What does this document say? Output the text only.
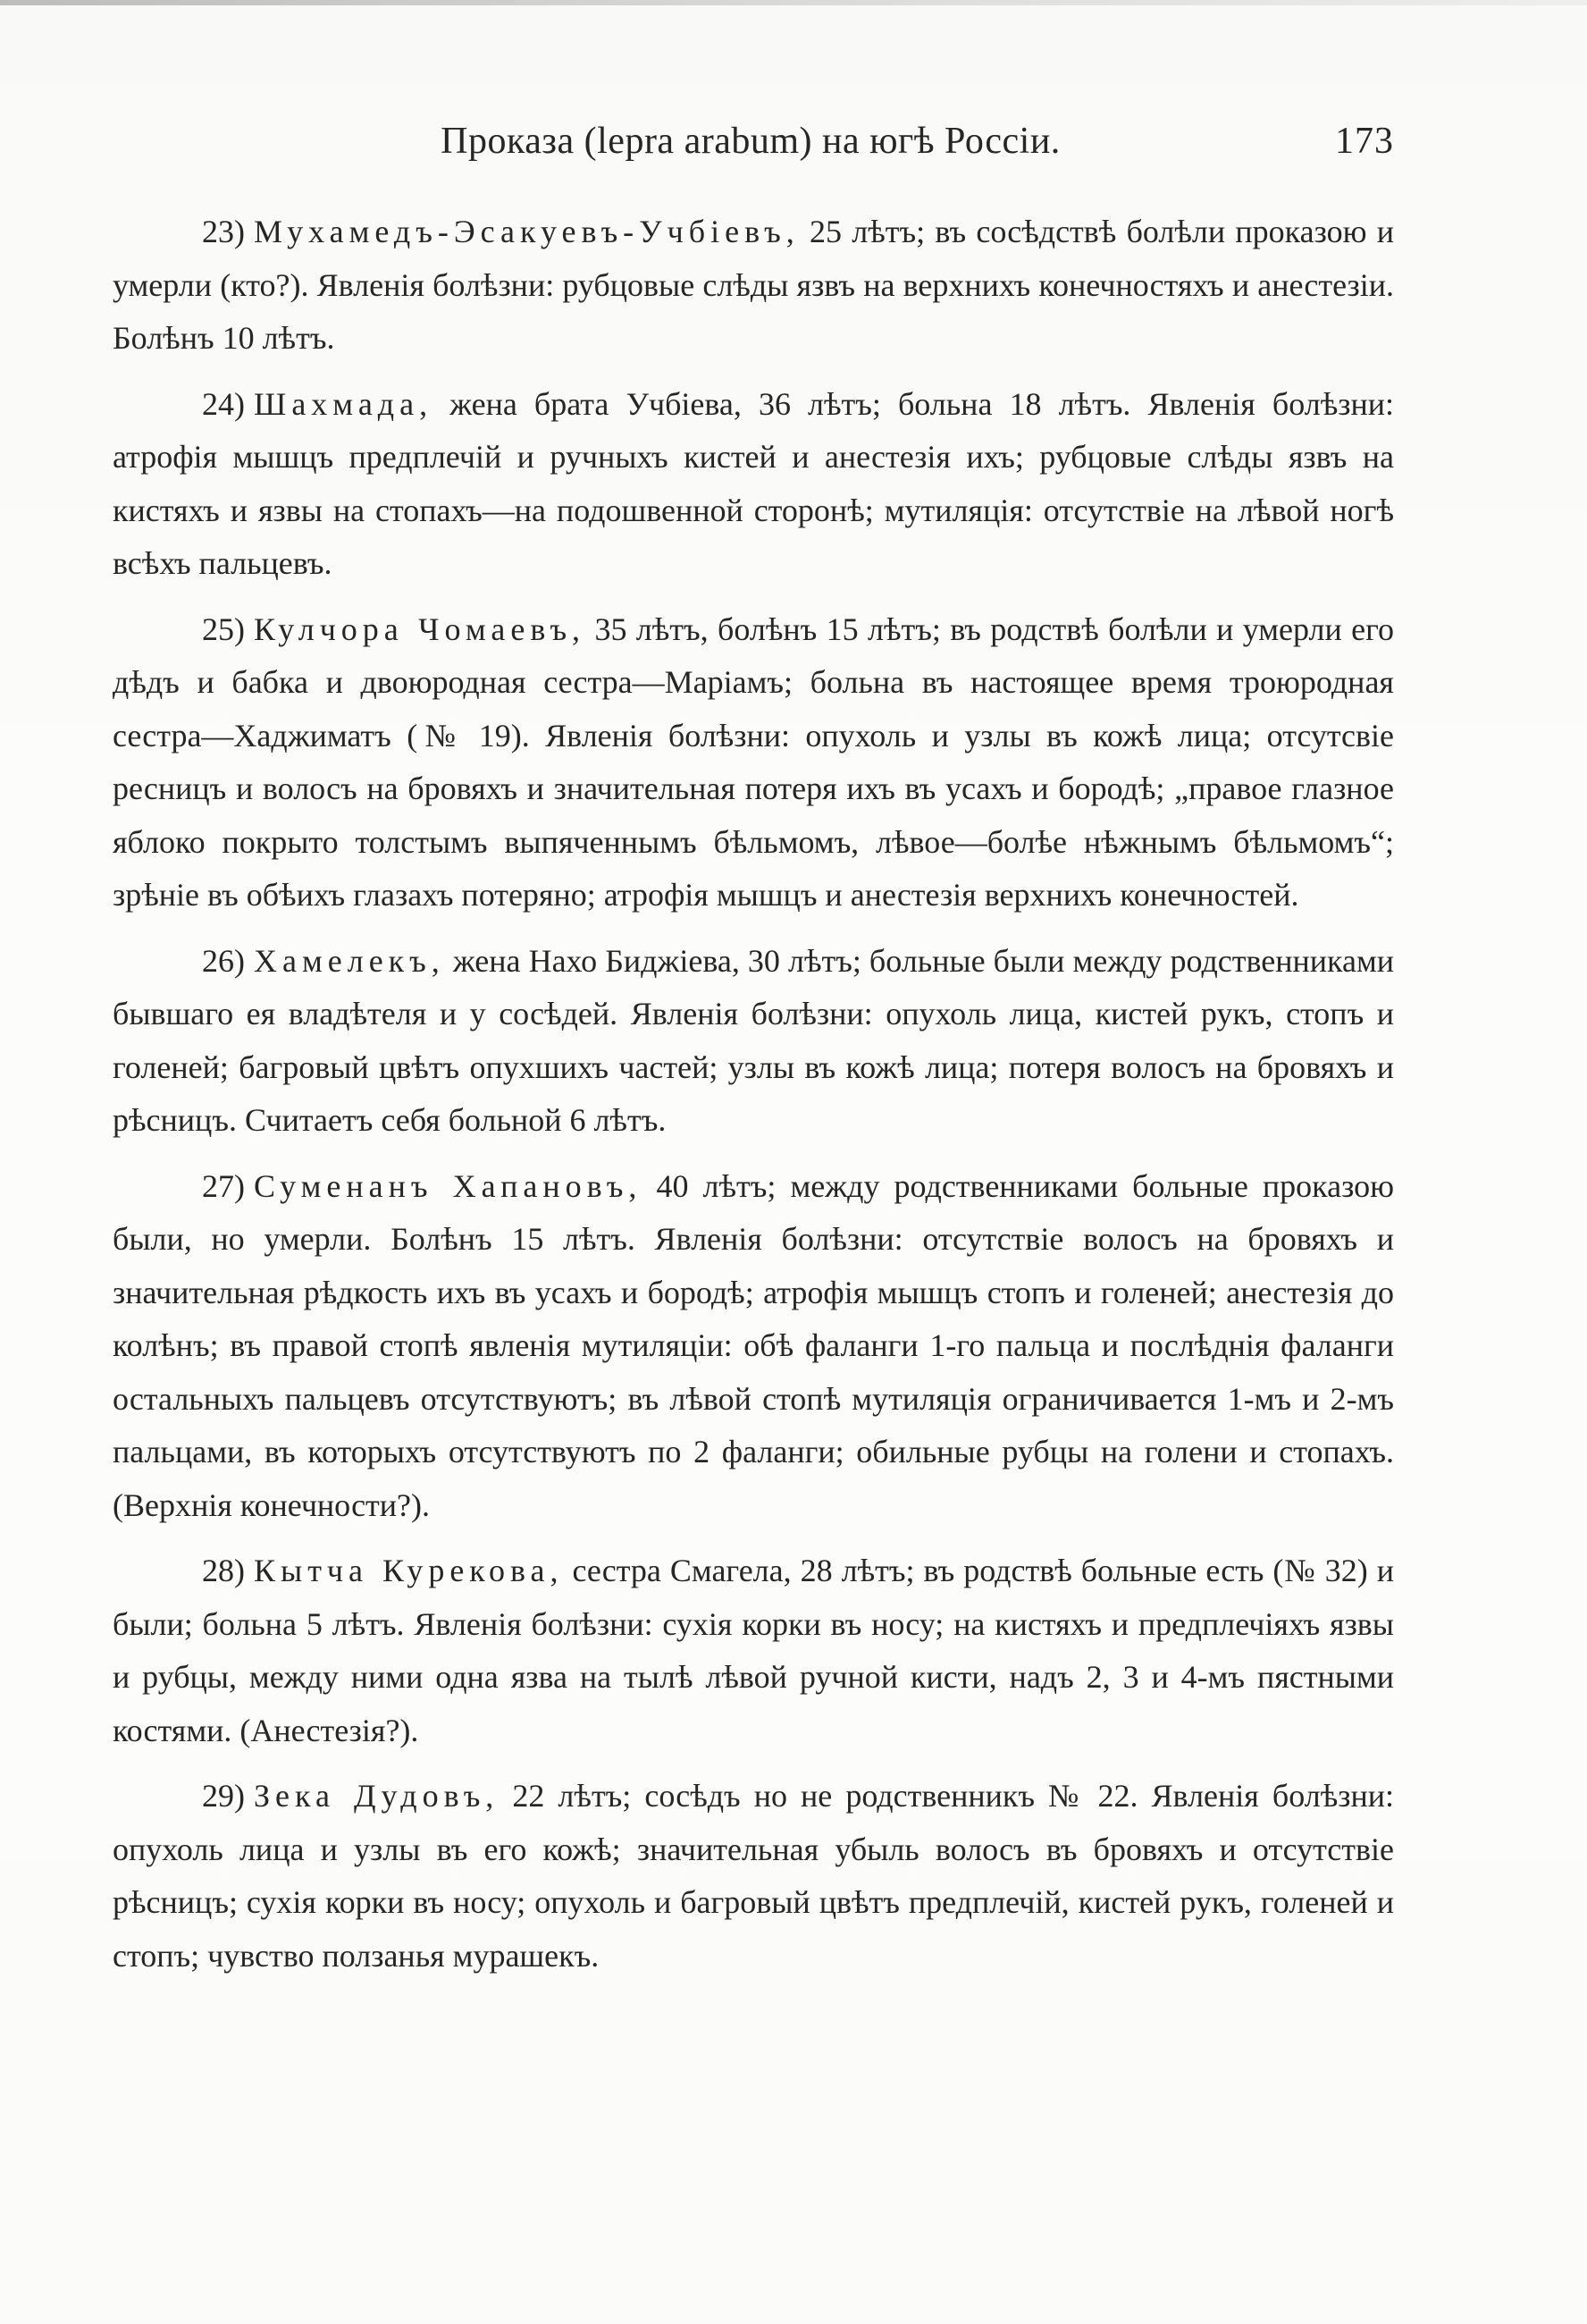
Проказа (lepra arabum) на югѣ Россіи.	173

23) Мухамедъ-Эсакуевъ-Учбіевъ, 25 лѣтъ; въ сосѣдствѣ болѣли проказою и умерли (кто?). Явленія болѣзни: рубцовые слѣды язвъ на верхнихъ конечностяхъ и анестезіи. Болѣнъ 10 лѣтъ.

24) Шахмада, жена брата Учбіева, 36 лѣтъ; больна 18 лѣтъ. Явленія болѣзни: атрофія мышцъ предплечій и ручныхъ кистей и анестезія ихъ; рубцовые слѣды язвъ на кистяхъ и язвы на стопахъ—на подошвенной сторонѣ; мутиляція: отсутствіе на лѣвой ногѣ всѣхъ пальцевъ.

25) Кулчора Чомаевъ, 35 лѣтъ, болѣнъ 15 лѣтъ; въ родствѣ болѣли и умерли его дѣдъ и бабка и двоюродная сестра—Маріамъ; больна въ настоящее время троюродная сестра—Хаджиматъ (№ 19). Явленія болѣзни: опухоль и узлы въ кожѣ лица; отсутсвіе ресницъ и волосъ на бровяхъ и значительная потеря ихъ въ усахъ и бородѣ; „правое глазное яблоко покрыто толстымъ выпяченнымъ бѣльмомъ, лѣвое—болѣе нѣжнымъ бѣльмомъ“; зрѣніе въ обѣихъ глазахъ потеряно; атрофія мышцъ и анестезія верхнихъ конечностей.

26) Хамелекъ, жена Нахо Биджіева, 30 лѣтъ; больные были между родственниками бывшаго ея владѣтеля и у сосѣдей. Явленія болѣзни: опухоль лица, кистей рукъ, стопъ и голеней; багровый цвѣтъ опухшихъ частей; узлы въ кожѣ лица; потеря волосъ на бровяхъ и рѣсницъ. Считаетъ себя больной 6 лѣтъ.

27) Суменанъ Хапановъ, 40 лѣтъ; между родственниками больные проказою были, но умерли. Болѣнъ 15 лѣтъ. Явленія болѣзни: отсутствіе волосъ на бровяхъ и значительная рѣдкость ихъ въ усахъ и бородѣ; атрофія мышцъ стопъ и голеней; анестезія до колѣнъ; въ правой стопѣ явленія мутиляціи: обѣ фаланги 1-го пальца и послѣднія фаланги остальныхъ пальцевъ отсутствуютъ; въ лѣвой стопѣ мутиляція ограничивается 1-мъ и 2-мъ пальцами, въ которыхъ отсутствуютъ по 2 фаланги; обильные рубцы на голени и стопахъ. (Верхнія конечности?).

28) Кытча Курекова, сестра Смагела, 28 лѣтъ; въ родствѣ больные есть (№ 32) и были; больна 5 лѣтъ. Явленія болѣзни: сухія корки въ носу; на кистяхъ и предплечіяхъ язвы и рубцы, между ними одна язва на тылѣ лѣвой ручной кисти, надъ 2, 3 и 4-мъ пястными костями. (Анестезія?).

29) Зека Дудовъ, 22 лѣтъ; сосѣдъ но не родственникъ № 22. Явленія болѣзни: опухоль лица и узлы въ его кожѣ; значительная убыль волосъ въ бровяхъ и отсутствіе рѣсницъ; сухія корки въ носу; опухоль и багровый цвѣтъ предплечій, кистей рукъ, голеней и стопъ; чувство ползанья мурашекъ.
